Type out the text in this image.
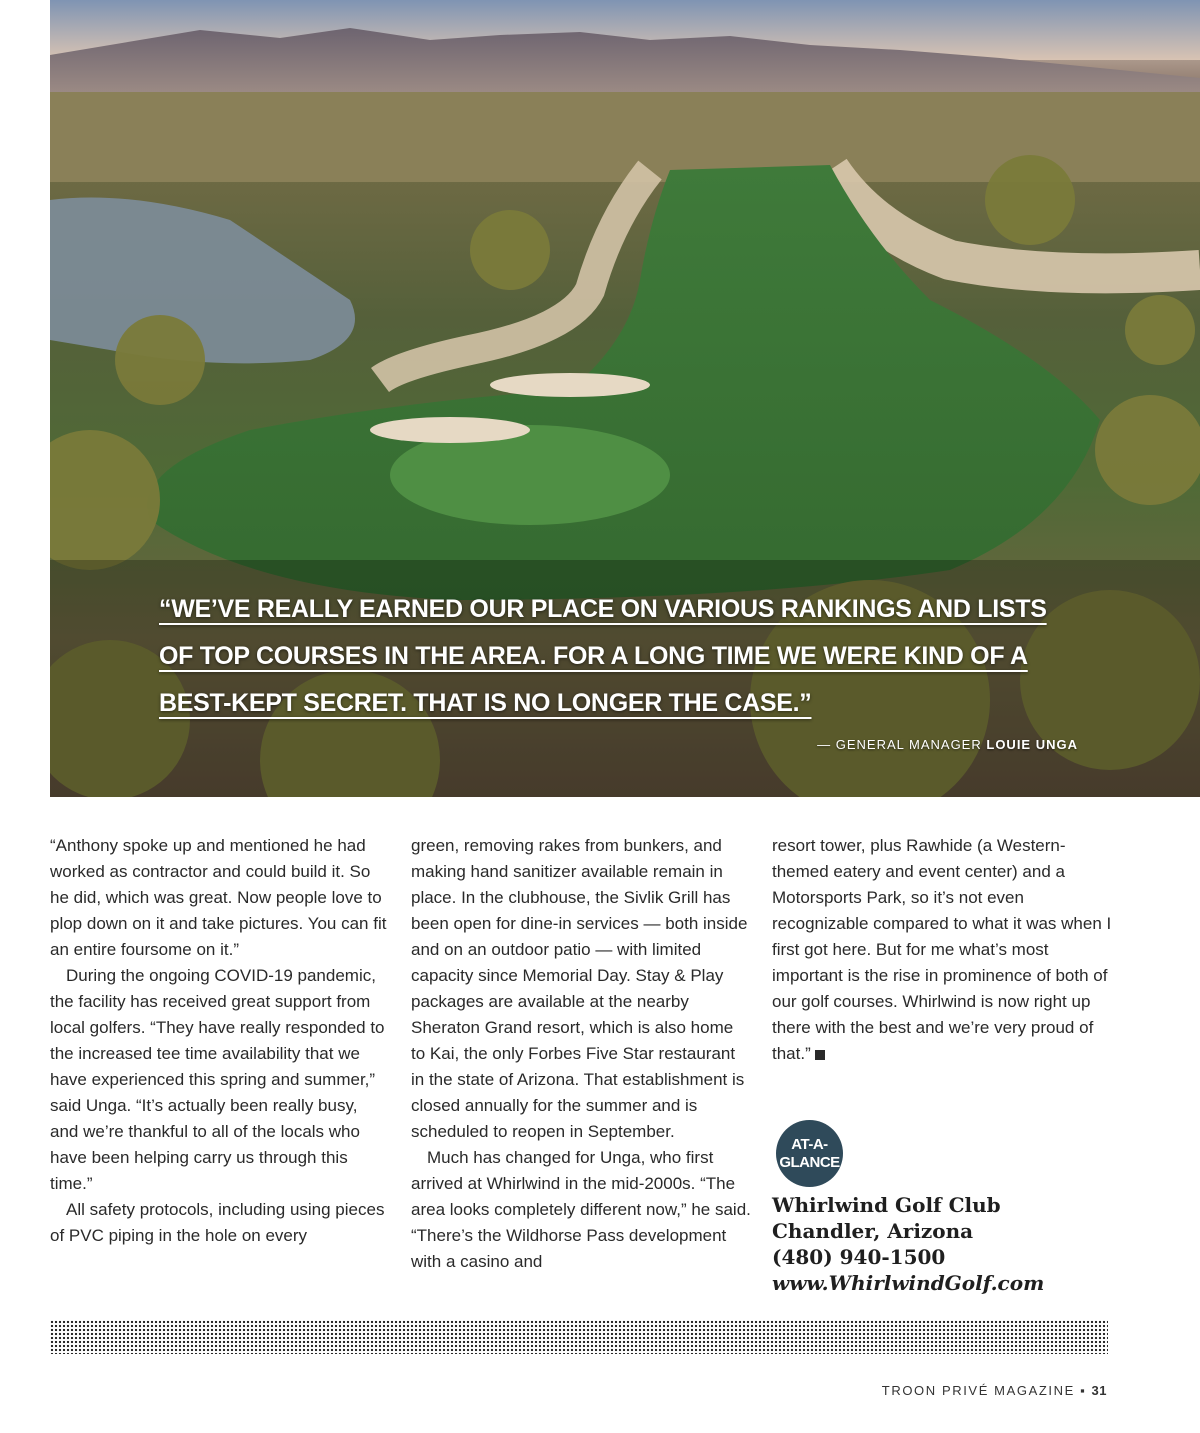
“WE’VE REALLY EARNED OUR PLACE ON VARIOUS RANKINGS AND LISTS OF TOP COURSES IN THE AREA. FOR A LONG TIME WE WERE KIND OF A BEST-KEPT SECRET. THAT IS NO LONGER THE CASE.”
— GENERAL MANAGER LOUIE UNGA

“Anthony spoke up and mentioned he had worked as contractor and could build it. So he did, which was great. Now people love to plop down on it and take pictures. You can fit an entire foursome on it.”

During the ongoing COVID-19 pandemic, the facility has received great support from local golfers. “They have really responded to the increased tee time availability that we have experienced this spring and summer,” said Unga. “It’s actually been really busy, and we’re thankful to all of the locals who have been helping carry us through this time.”

All safety protocols, including using pieces of PVC piping in the hole on every

green, removing rakes from bunkers, and making hand sanitizer available remain in place. In the clubhouse, the Sivlik Grill has been open for dine-in services — both inside and on an outdoor patio — with limited capacity since Memorial Day. Stay & Play packages are available at the nearby Sheraton Grand resort, which is also home to Kai, the only Forbes Five Star restaurant in the state of Arizona. That establishment is closed annually for the summer and is scheduled to reopen in September.

Much has changed for Unga, who first arrived at Whirlwind in the mid-2000s. “The area looks completely different now,” he said. “There’s the Wildhorse Pass development with a casino and

resort tower, plus Rawhide (a Western-themed eatery and event center) and a Motorsports Park, so it’s not even recognizable compared to what it was when I first got here. But for me what’s most important is the rise in prominence of both of our golf courses. Whirlwind is now right up there with the best and we’re very proud of that.”

AT-A-
GLANCE
Whirlwind Golf Club
Chandler, Arizona
(480) 940-1500
www.WhirlwindGolf.com
TROON PRIVÉ MAGAZINE ▪ 31
